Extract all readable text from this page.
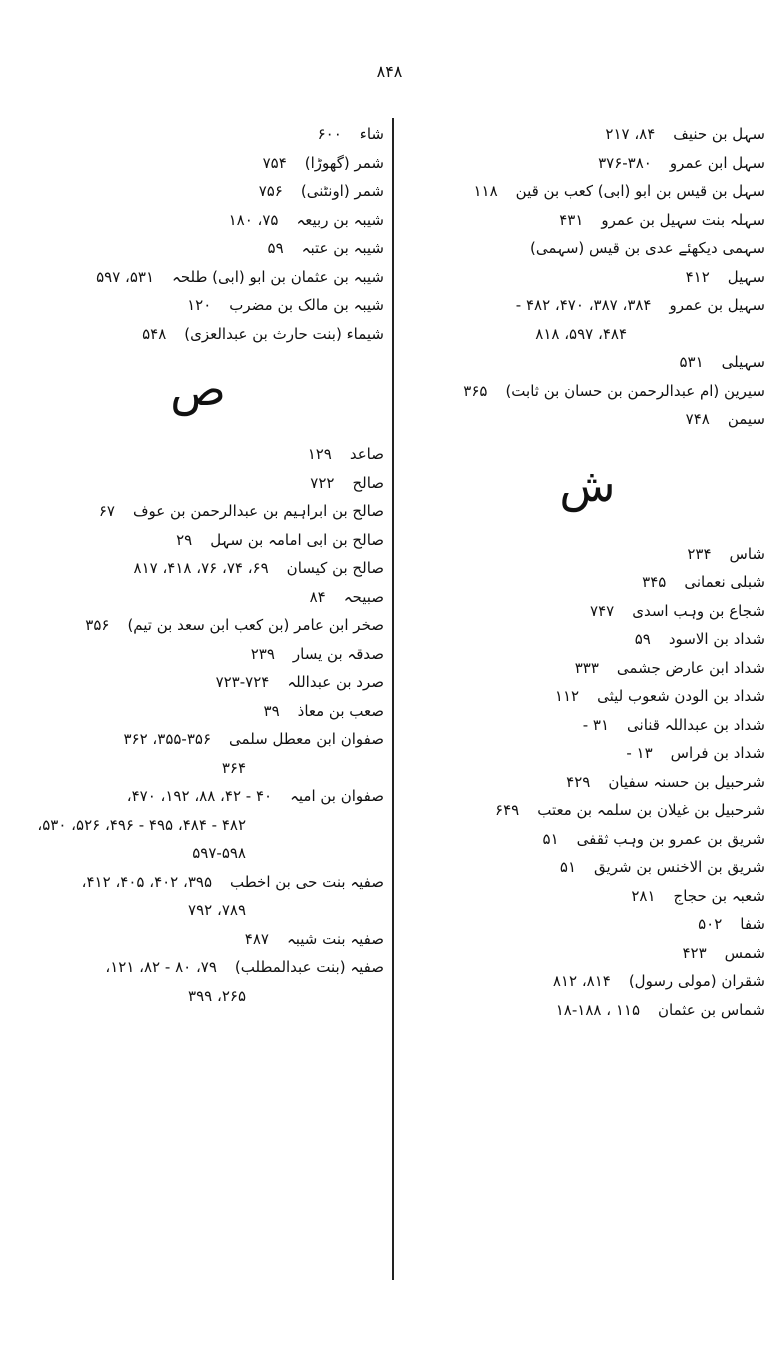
۸۴۸
سہل بن حنیف۸۴، ۲۱۷
سہل ابن عمرو۳۷۶-۳۸۰
سہل بن قیس بن ابو (ابی) کعب بن قین۱۱۸
سہلہ بنت سہیل بن عمرو۴۳۱
سہمی دیکھئے عدی بن قیس (سہمی)
سہیل۴۱۲
سہیل بن عمرو۳۸۴، ۳۸۷، ۴۷۰، ۴۸۲ -
۴۸۴، ۵۹۷، ۸۱۸
سہیلی۵۳۱
سیرین (ام عبدالرحمن بن حسان بن ثابت)۳۶۵
سیمن۷۴۸
ش
شاس۲۳۴
شبلی نعمانی۳۴۵
شجاع بن وہب اسدی۷۴۷
شداد بن الاسود۵۹
شداد ابن عارض جشمی۳۳۳
شداد بن الودن شعوب لیثی۱۱۲
شداد بن عبداللہ قنانی۳۱ -
شداد بن فراس۱۳ -
شرحبیل بن حسنہ سفیان۴۲۹
شرحبیل بن غیلان بن سلمہ بن معتب۶۴۹
شریق بن عمرو بن وہب ثقفی۵۱
شریق بن الاخنس بن شریق۵۱
شعبہ بن حجاج۲۸۱
شفا۵۰۲
شمس۴۲۳
شقران (مولی رسول)۸۱۴، ۸۱۲
شماس بن عثمان۱۱۵ ، ۱۸-۱۸۸
شاء۶۰۰
شمر (گھوڑا)۷۵۴
شمر (اونٹنی)۷۵۶
شیبہ بن ربیعہ۷۵، ۱۸۰
شیبہ بن عتبہ۵۹
شیبہ بن عثمان بن ابو (ابی) طلحہ۵۳۱، ۵۹۷
شیبہ بن مالک بن مضرب۱۲۰
شیماء (بنت حارث بن عبدالعزی)۵۴۸
ص
صاعد۱۲۹
صالح۷۲۲
صالح بن ابراہیم بن عبدالرحمن بن عوف۶۷
صالح بن ابی امامہ بن سہل۲۹
صالح بن کیسان۶۹، ۷۴، ۷۶، ۴۱۸، ۸۱۷
صبیحہ۸۴
صخر ابن عامر (بن کعب ابن سعد بن تیم)۳۵۶
صدقہ بن یسار۲۳۹
صرد بن عبداللہ۷۲۳-۷۲۴
صعب بن معاذ۳۹
صفوان ابن معطل سلمی۳۵۵-۳۵۶، ۳۶۲
۳۶۴
صفوان بن امیہ۴۰ - ۴۲، ۸۸، ۱۹۲، ۴۷۰،
۴۸۲ - ۴۸۴، ۴۹۵ - ۴۹۶، ۵۲۶، ۵۳۰،
۵۹۷-۵۹۸
صفیہ بنت حی بن اخطب۳۹۵، ۴۰۲، ۴۰۵، ۴۱۲،
۷۸۹، ۷۹۲
صفیہ بنت شیبہ۴۸۷
صفیہ (بنت عبدالمطلب)۷۹، ۸۰ - ۸۲، ۱۲۱،
۲۶۵، ۳۹۹
